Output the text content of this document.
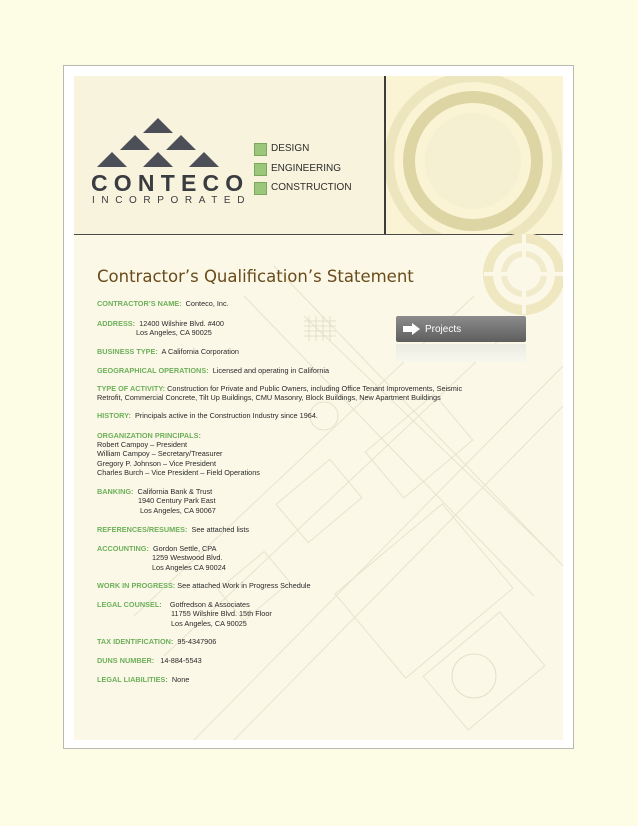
CONTECO
INCORPORATED
DESIGN
ENGINEERING
CONSTRUCTION
Contractor’s Qualification’s Statement
CONTRACTOR’S NAME: Conteco, Inc.
ADDRESS: 12400 Wilshire Blvd. #400
Los Angeles, CA 90025
BUSINESS TYPE: A California Corporation
GEOGRAPHICAL OPERATIONS: Licensed and operating in California
TYPE OF ACTIVITY: Construction for Private and Public Owners, including Office Tenant Improvements, Seismic
Retrofit, Commercial Concrete, Tilt Up Buildings, CMU Masonry, Block Buildings, New Apartment Buildings
HISTORY: Principals active in the Construction Industry since 1964.
ORGANIZATION PRINCIPALS:
Robert Campoy – President
William Campoy – Secretary/Treasurer
Gregory P. Johnson – Vice President
Charles Burch – Vice President – Field Operations
BANKING: California Bank & Trust
1940 Century Park East
Los Angeles, CA 90067
REFERENCES/RESUMES: See attached lists
ACCOUNTING: Gordon Settle, CPA
1259 Westwood Blvd.
Los Angeles CA 90024
WORK IN PROGRESS: See attached Work in Progress Schedule
LEGAL COUNSEL: Gotfredson & Associates
11755 Wilshire Blvd. 15th Floor
Los Angeles, CA 90025
TAX IDENTIFICATION: 95-4347906
DUNS NUMBER: 14-884-5543
LEGAL LIABILITIES: None
Projects
